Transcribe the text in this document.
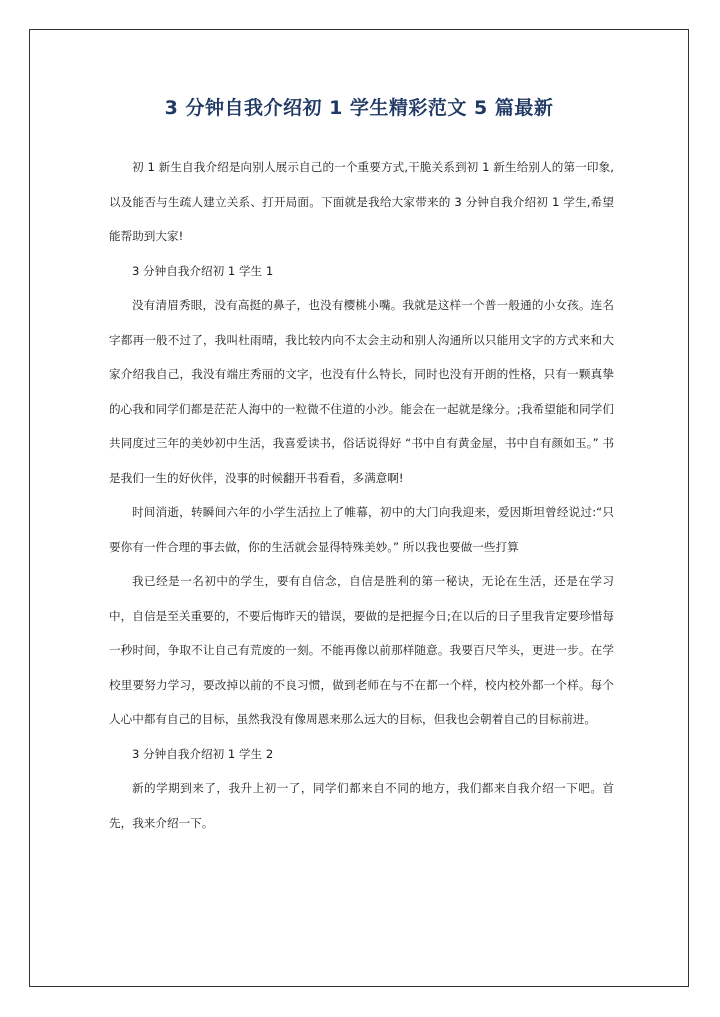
3 分钟自我介绍初 1 学生精彩范文 5 篇最新

初 1 新生自我介绍是向别人展示自己的一个重要方式,干脆关系到初 1 新生给别人的第一印象,以及能否与生疏人建立关系、打开局面。下面就是我给大家带来的 3 分钟自我介绍初 1 学生,希望能帮助到大家!

3 分钟自我介绍初 1 学生 1

没有清眉秀眼，没有高挺的鼻子，也没有樱桃小嘴。我就是这样一个普一般通的小女孩。连名字都再一般不过了，我叫杜雨晴，我比较内向不太会主动和别人沟通所以只能用文字的方式来和大家介绍我自己，我没有端庄秀丽的文字，也没有什么特长，同时也没有开朗的性格，只有一颗真挚的心我和同学们都是茫茫人海中的一粒微不住道的小沙。能会在一起就是缘分。;我希望能和同学们共同度过三年的美妙初中生活，我喜爱读书，俗话说得好 “书中自有黄金屋，书中自有颜如玉。” 书是我们一生的好伙伴，没事的时候翻开书看看，多满意啊!

时间消逝，转瞬间六年的小学生活拉上了帷幕，初中的大门向我迎来，爱因斯坦曾经说过:“只要你有一件合理的事去做，你的生活就会显得特殊美妙。” 所以我也要做一些打算

我已经是一名初中的学生，要有自信念，自信是胜利的第一秘诀，无论在生活，还是在学习中，自信是至关重要的，不要后悔昨天的错误，要做的是把握今日;在以后的日子里我肯定要珍惜每一秒时间，争取不让自己有荒废的一刻。不能再像以前那样随意。我要百尺竿头，更进一步。在学校里要努力学习，要改掉以前的不良习惯，做到老师在与不在都一个样，校内校外都一个样。每个人心中都有自己的目标，虽然我没有像周恩来那么远大的目标，但我也会朝着自己的目标前进。

3 分钟自我介绍初 1 学生 2

新的学期到来了，我升上初一了，同学们都来自不同的地方，我们都来自我介绍一下吧。首先，我来介绍一下。
